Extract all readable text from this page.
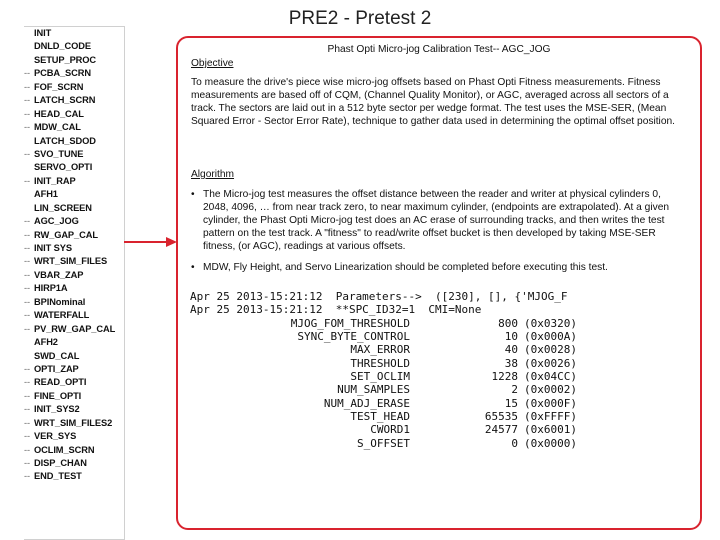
PRE2 - Pretest 2
INIT
DNLD_CODE
SETUP_PROC
-- PCBA_SCRN
-- FOF_SCRN
-- LATCH_SCRN
-- HEAD_CAL
-- MDW_CAL
LATCH_SDOD
-- SVO_TUNE
SERVO_OPTI
-- INIT_RAP
AFH1
LIN_SCREEN
-- AGC_JOG
-- RW_GAP_CAL
-- INIT SYS
-- WRT_SIM_FILES
-- VBAR_ZAP
-- HIRP1A
-- BPINominal
-- WATERFALL
-- PV_RW_GAP_CAL
AFH2
SWD_CAL
-- OPTI_ZAP
-- READ_OPTI
-- FINE_OPTI
-- INIT_SYS2
-- WRT_SIM_FILES2
-- VER_SYS
-- OCLIM_SCRN
-- DISP_CHAN
-- END_TEST
Phast Opti Micro-jog Calibration Test-- AGC_JOG
Objective
To measure the drive's piece wise micro-jog offsets based on Phast Opti Fitness measurements. Fitness measurements are based off of CQM, (Channel Quality Monitor), or AGC, averaged across all sectors of a track. The sectors are laid out in a 512 byte sector per wedge format. The test uses the MSE-SER, (Mean Squared Error - Sector Error Rate), technique to gather data used in determining the optimal offset position.
Algorithm
• The Micro-jog test measures the offset distance between the reader and writer at physical cylinders 0, 2048, 4096, … from near track zero, to near maximum cylinder, (endpoints are extrapolated). At a given cylinder, the Phast Opti Micro-jog test does an AC erase of surrounding tracks, and then writes the test pattern on the test track. A "fitness" to read/write offset bucket is then developed by taking MSE-SER fitness, (or AGC), readings at various offsets.
• MDW, Fly Height, and Servo Linearization should be completed before executing this test.
Apr 25 2013-15:21:12  Parameters-->  ([230], [], {'MJOG_F
Apr 25 2013-15:21:12  **SPC_ID32=1  CMI=None
MJOG_FOM_THRESHOLD	800 (0x0320)
SYNC_BYTE_CONTROL	10 (0x000A)
MAX_ERROR	40 (0x0028)
THRESHOLD	38 (0x0026)
SET_OCLIM	1228 (0x04CC)
NUM_SAMPLES	2 (0x0002)
NUM_ADJ_ERASE	15 (0x000F)
TEST_HEAD	65535 (0xFFFF)
CWORD1	24577 (0x6001)
S_OFFSET	0 (0x0000)
